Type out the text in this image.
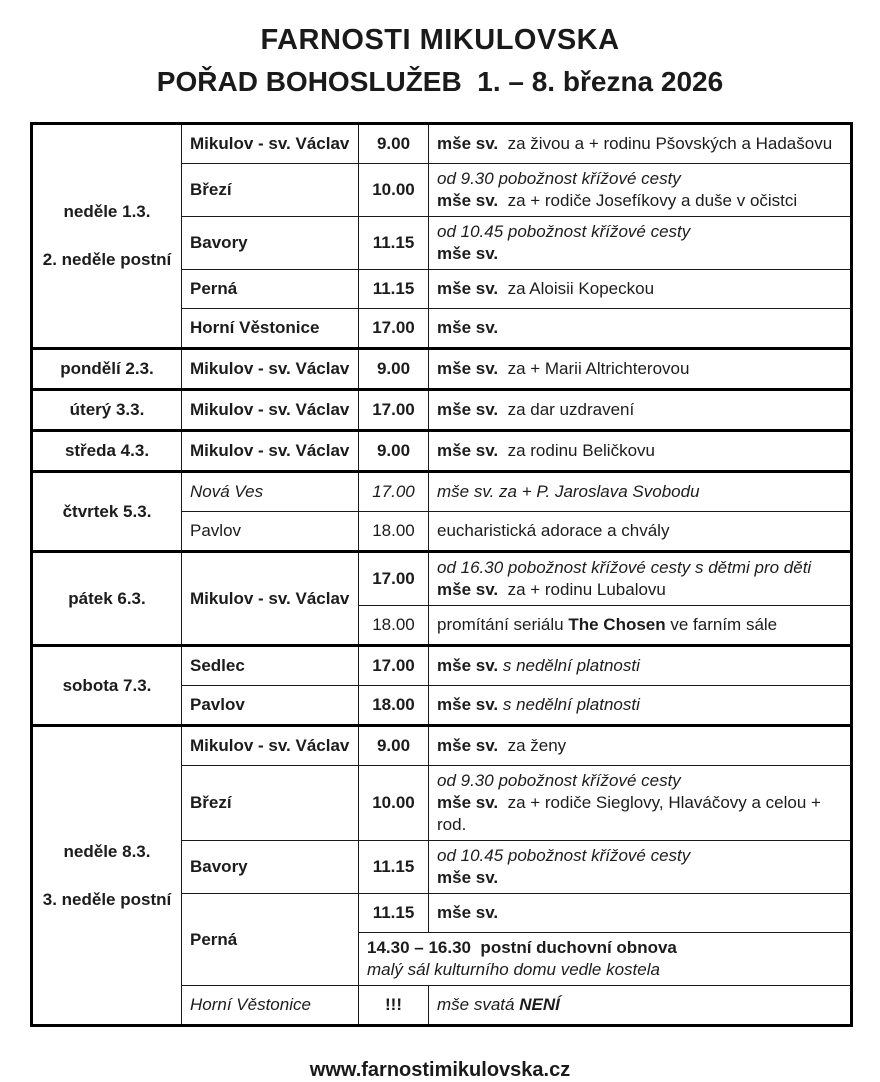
FARNOSTI MIKULOVSKA
POŘAD BOHOSLUŽEB  1. – 8. března 2026
neděle 1.3.
2. neděle postní	Mikulov - sv. Václav	9.00	mše sv.  za živou a + rodinu Pšovských a Hadašovu

	Březí	10.00	od 9.30 pobožnost křížové cesty
mše sv.  za + rodiče Josefíkovy a duše v očistci

	Bavory	11.15	od 10.45 pobožnost křížové cesty
mše sv.

	Perná	11.15	mše sv.  za Aloisii Kopeckou

	Horní Věstonice	17.00	mše sv.

pondělí 2.3.	Mikulov - sv. Václav	9.00	mše sv.  za + Marii Altrichterovou

úterý 3.3.	Mikulov - sv. Václav	17.00	mše sv.  za dar uzdravení

středa 4.3.	Mikulov - sv. Václav	9.00	mše sv.  za rodinu Beličkovu

čtvrtek 5.3.	Nová Ves	17.00	mše sv. za + P. Jaroslava Svobodu

	Pavlov	18.00	eucharistická adorace a chvály

pátek 6.3.	Mikulov - sv. Václav	17.00	od 16.30 pobožnost křížové cesty s dětmi pro děti
mše sv.  za + rodinu Lubalovu

		18.00	promítání seriálu The Chosen ve farním sále

sobota 7.3.	Sedlec	17.00	mše sv. s nedělní platnosti

	Pavlov	18.00	mše sv. s nedělní platnosti

neděle 8.3.
3. neděle postní	Mikulov - sv. Václav	9.00	mše sv.  za ženy

	Březí	10.00	od 9.30 pobožnost křížové cesty
mše sv.  za + rodiče Sieglovy, Hlaváčovy a celou + rod.

	Bavory	11.15	od 10.45 pobožnost křížové cesty
mše sv.

	Perná	11.15	mše sv.

		14.30 – 16.30  postní duchovní obnova
malý sál kulturního domu vedle kostela	

	Horní Věstonice	!!!	mše svatá NENÍ
www.farnostimikulovska.cz
